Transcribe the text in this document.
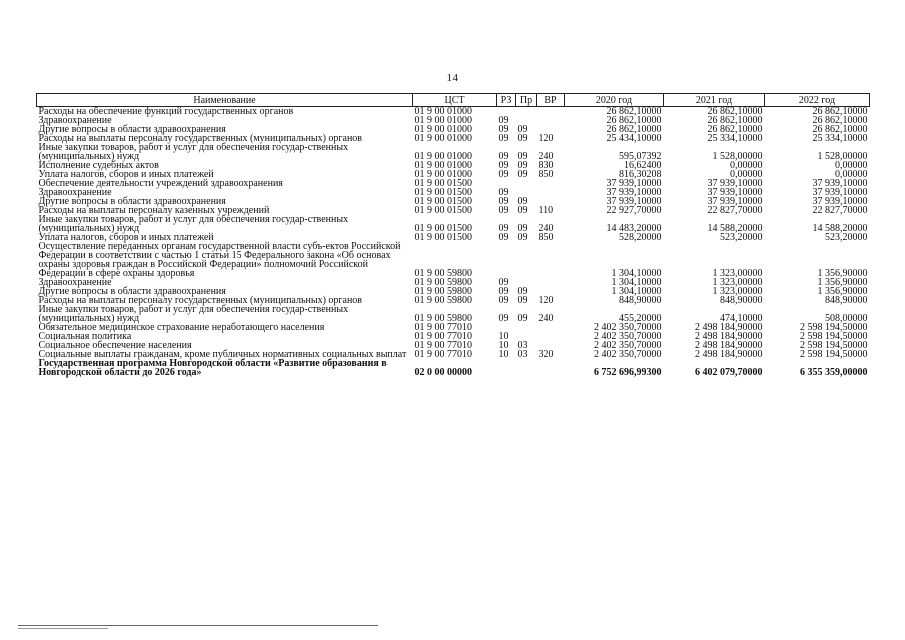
14
Наименование	ЦСТ	РЗ	Пр	ВР	2020 год	2021 год	2022 год
Расходы на обеспечение функций государственных органов	01 9 00 01000				26 862,10000	26 862,10000	26 862,10000
Здравоохранение	01 9 00 01000	09			26 862,10000	26 862,10000	26 862,10000
Другие вопросы в области здравоохранения	01 9 00 01000	09	09		26 862,10000	26 862,10000	26 862,10000
Расходы на выплаты персоналу государственных (муниципальных) органов	01 9 00 01000	09	09	120	25 434,10000	25 334,10000	25 334,10000
Иные закупки товаров, работ и услуг для обеспечения государ-ственных (муниципальных) нужд	01 9 00 01000	09	09	240	595,07392	1 528,00000	1 528,00000
Исполнение судебных актов	01 9 00 01000	09	09	830	16,62400	0,00000	0,00000
Уплата налогов, сборов и иных платежей	01 9 00 01000	09	09	850	816,30208	0,00000	0,00000
Обеспечение деятельности учреждений здравоохранения	01 9 00 01500				37 939,10000	37 939,10000	37 939,10000
Здравоохранение	01 9 00 01500	09			37 939,10000	37 939,10000	37 939,10000
Другие вопросы в области здравоохранения	01 9 00 01500	09	09		37 939,10000	37 939,10000	37 939,10000
Расходы на выплаты персоналу казенных учреждений	01 9 00 01500	09	09	110	22 927,70000	22 827,70000	22 827,70000
Иные закупки товаров, работ и услуг для обеспечения государ-ственных (муниципальных) нужд	01 9 00 01500	09	09	240	14 483,20000	14 588,20000	14 588,20000
Уплата налогов, сборов и иных платежей	01 9 00 01500	09	09	850	528,20000	523,20000	523,20000
Осуществление переданных органам государственной власти субъ-ектов Российской Федерации в соответствии с частью 1 статьи 15 Федерального закона «Об основах охраны здоровья граждан в Российской Федерации» полномочий Российской Федерации в сфере охраны здоровья	01 9 00 59800				1 304,10000	1 323,00000	1 356,90000
Здравоохранение	01 9 00 59800	09			1 304,10000	1 323,00000	1 356,90000
Другие вопросы в области здравоохранения	01 9 00 59800	09	09		1 304,10000	1 323,00000	1 356,90000
Расходы на выплаты персоналу государственных (муниципальных) органов	01 9 00 59800	09	09	120	848,90000	848,90000	848,90000
Иные закупки товаров, работ и услуг для обеспечения государ-ственных (муниципальных) нужд	01 9 00 59800	09	09	240	455,20000	474,10000	508,00000
Обязательное медицинское страхование неработающего населения	01 9 00 77010				2 402 350,70000	2 498 184,90000	2 598 194,50000
Социальная политика	01 9 00 77010	10			2 402 350,70000	2 498 184,90000	2 598 194,50000
Социальное обеспечение населения	01 9 00 77010	10	03		2 402 350,70000	2 498 184,90000	2 598 194,50000
Социальные выплаты гражданам, кроме публичных нормативных социальных выплат	01 9 00 77010	10	03	320	2 402 350,70000	2 498 184,90000	2 598 194,50000
Государственная программа Новгородской области «Развитие образования в Новгородской области до 2026 года»	02 0 00 00000				6 752 696,99300	6 402 079,70000	6 355 359,00000
